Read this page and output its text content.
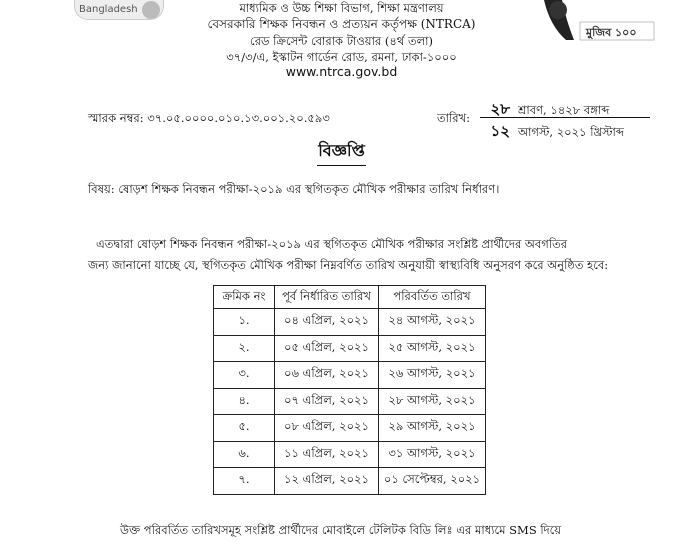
Bangladesh
মুজিব ১০০
মাধ্যমিক ও উচ্চ শিক্ষা বিভাগ, শিক্ষা মন্ত্রণালয়
বেসরকারি শিক্ষক নিবন্ধন ও প্রত্যয়ন কর্তৃপক্ষ (NTRCA)
রেড ক্রিসেন্ট বোরাক টাওয়ার (৪র্থ তলা)
৩৭/৩/এ, ইস্কাটন গার্ডেন রোড, রমনা, ঢাকা-১০০০
www.ntrca.gov.bd
স্মারক নম্বর: ৩৭.০৫.০০০০.০১০.১৩.০০১.২০.৫৯৩	তারিখ:	২৮ শ্রাবণ, ১৪২৮ বঙ্গাব্দ
১২ আগস্ট, ২০২১ খ্রিস্টাব্দ
বিজ্ঞপ্তি
বিষয়: ষোড়শ শিক্ষক নিবন্ধন পরীক্ষা-২০১৯ এর স্থগিতকৃত মৌখিক পরীক্ষার তারিখ নির্ধারণ।
এতদ্বারা ষোড়শ শিক্ষক নিবন্ধন পরীক্ষা-২০১৯ এর স্থগিতকৃত মৌখিক পরীক্ষার সংশ্লিষ্ট প্রার্থীদের অবগতির
জন্য জানানো যাচ্ছে যে, স্থগিতকৃত মৌখিক পরীক্ষা নিম্নবর্ণিত তারিখ অনুযায়ী স্বাস্থ্যবিধি অনুসরণ করে অনুষ্ঠিত হবে:
ক্রমিক নং	পূর্ব নির্ধারিত তারিখ	পরিবর্তিত তারিখ
১.	০৪ এপ্রিল, ২০২১	২৪ আগস্ট, ২০২১
২.	০৫ এপ্রিল, ২০২১	২৫ আগস্ট, ২০২১
৩.	০৬ এপ্রিল, ২০২১	২৬ আগস্ট, ২০২১
৪.	০৭ এপ্রিল, ২০২১	২৮ আগস্ট, ২০২১
৫.	০৮ এপ্রিল, ২০২১	২৯ আগস্ট, ২০২১
৬.	১১ এপ্রিল, ২০২১	৩১ আগস্ট, ২০২১
৭.	১২ এপ্রিল, ২০২১	০১ সেপ্টেম্বর, ২০২১
উক্ত পরিবর্তিত তারিখসমূহ সংশ্লিষ্ট প্রার্থীদের মোবাইলে টেলিটক বিডি লিঃ এর মাধ্যমে SMS দিয়ে
